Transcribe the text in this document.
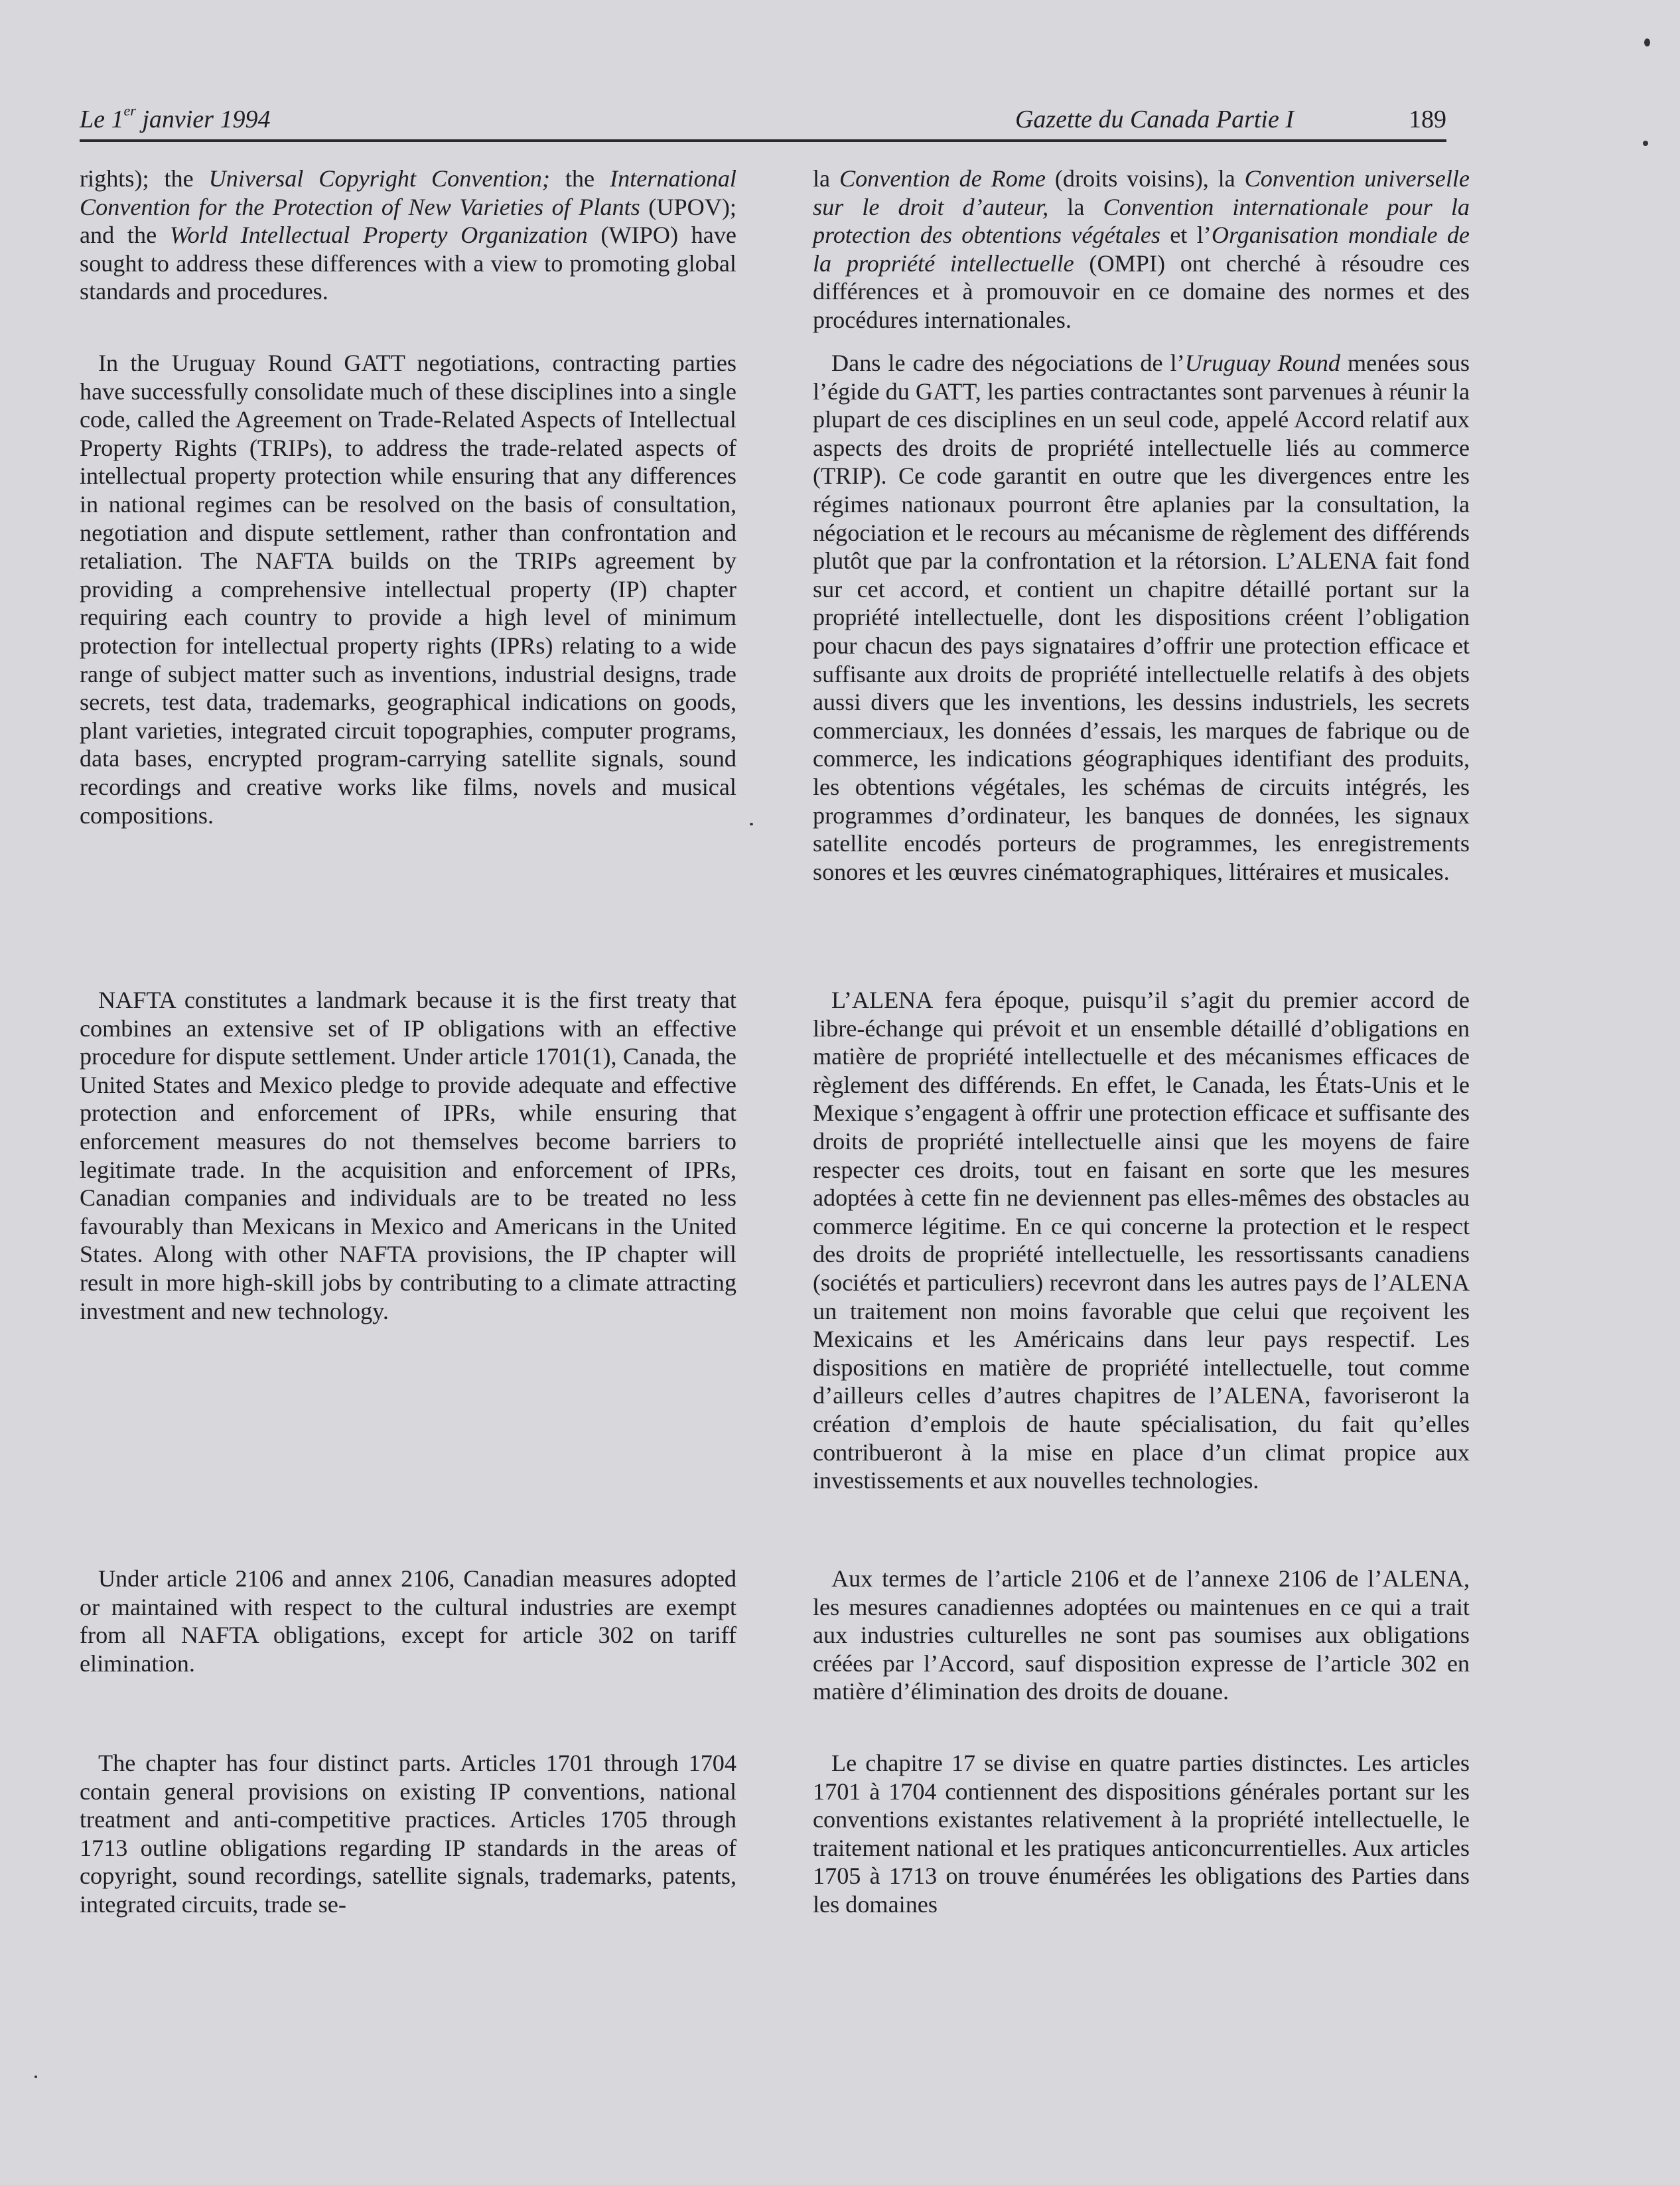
Le 1er janvier 1994	Gazette du Canada Partie I	189

rights); the Universal Copyright Convention; the International Convention for the Protection of New Varieties of Plants (UPOV); and the World Intellectual Property Organization (WIPO) have sought to address these differences with a view to promoting global standards and procedures.

In the Uruguay Round GATT negotiations, contracting parties have successfully consolidate much of these disciplines into a single code, called the Agreement on Trade-Related Aspects of Intellectual Property Rights (TRIPs), to address the trade-related aspects of intellectual property protection while ensuring that any differences in national regimes can be resolved on the basis of consultation, negotiation and dispute settlement, rather than confrontation and retaliation. The NAFTA builds on the TRIPs agreement by providing a comprehensive intellectual property (IP) chapter requiring each country to provide a high level of minimum protection for intellectual property rights (IPRs) relating to a wide range of subject matter such as inventions, industrial designs, trade secrets, test data, trademarks, geographical indications on goods, plant varieties, integrated circuit topographies, computer programs, data bases, encrypted program-carrying satellite signals, sound recordings and creative works like films, novels and musical compositions.

NAFTA constitutes a landmark because it is the first treaty that combines an extensive set of IP obligations with an effective procedure for dispute settlement. Under article 1701(1), Canada, the United States and Mexico pledge to provide adequate and effective protection and enforcement of IPRs, while ensuring that enforcement measures do not themselves become barriers to legitimate trade. In the acquisition and enforcement of IPRs, Canadian companies and individuals are to be treated no less favourably than Mexicans in Mexico and Americans in the United States. Along with other NAFTA provisions, the IP chapter will result in more high-skill jobs by contributing to a climate attracting investment and new technology.

Under article 2106 and annex 2106, Canadian measures adopted or maintained with respect to the cultural industries are exempt from all NAFTA obligations, except for article 302 on tariff elimination.

The chapter has four distinct parts. Articles 1701 through 1704 contain general provisions on existing IP conventions, national treatment and anti-competitive practices. Articles 1705 through 1713 outline obligations regarding IP standards in the areas of copyright, sound recordings, satellite signals, trademarks, patents, integrated circuits, trade se-

la Convention de Rome (droits voisins), la Convention universelle sur le droit d’auteur, la Convention internationale pour la protection des obtentions végétales et l’Organisation mondiale de la propriété intellectuelle (OMPI) ont cherché à résoudre ces différences et à promouvoir en ce domaine des normes et des procédures internationales.

Dans le cadre des négociations de l’Uruguay Round menées sous l’égide du GATT, les parties contractantes sont parvenues à réunir la plupart de ces disciplines en un seul code, appelé Accord relatif aux aspects des droits de propriété intellectuelle liés au commerce (TRIP). Ce code garantit en outre que les divergences entre les régimes nationaux pourront être aplanies par la consultation, la négociation et le recours au mécanisme de règlement des différends plutôt que par la confrontation et la rétorsion. L’ALENA fait fond sur cet accord, et contient un chapitre détaillé portant sur la propriété intellectuelle, dont les dispositions créent l’obligation pour chacun des pays signataires d’offrir une protection efficace et suffisante aux droits de propriété intellectuelle relatifs à des objets aussi divers que les inventions, les dessins industriels, les secrets commerciaux, les données d’essais, les marques de fabrique ou de commerce, les indications géographiques identifiant des produits, les obtentions végétales, les schémas de circuits intégrés, les programmes d’ordinateur, les banques de données, les signaux satellite encodés porteurs de programmes, les enregistrements sonores et les œuvres cinématographiques, littéraires et musicales.

L’ALENA fera époque, puisqu’il s’agit du premier accord de libre-échange qui prévoit et un ensemble détaillé d’obligations en matière de propriété intellectuelle et des mécanismes efficaces de règlement des différends. En effet, le Canada, les États-Unis et le Mexique s’engagent à offrir une protection efficace et suffisante des droits de propriété intellectuelle ainsi que les moyens de faire respecter ces droits, tout en faisant en sorte que les mesures adoptées à cette fin ne deviennent pas elles-mêmes des obstacles au commerce légitime. En ce qui concerne la protection et le respect des droits de propriété intellectuelle, les ressortissants canadiens (sociétés et particuliers) recevront dans les autres pays de l’ALENA un traitement non moins favorable que celui que reçoivent les Mexicains et les Américains dans leur pays respectif. Les dispositions en matière de propriété intellectuelle, tout comme d’ailleurs celles d’autres chapitres de l’ALENA, favoriseront la création d’emplois de haute spécialisation, du fait qu’elles contribueront à la mise en place d’un climat propice aux investissements et aux nouvelles technologies.

Aux termes de l’article 2106 et de l’annexe 2106 de l’ALENA, les mesures canadiennes adoptées ou maintenues en ce qui a trait aux industries culturelles ne sont pas soumises aux obligations créées par l’Accord, sauf disposition expresse de l’article 302 en matière d’élimination des droits de douane.

Le chapitre 17 se divise en quatre parties distinctes. Les articles 1701 à 1704 contiennent des dispositions générales portant sur les conventions existantes relativement à la propriété intellectuelle, le traitement national et les pratiques anticoncurrentielles. Aux articles 1705 à 1713 on trouve énumérées les obligations des Parties dans les domaines
